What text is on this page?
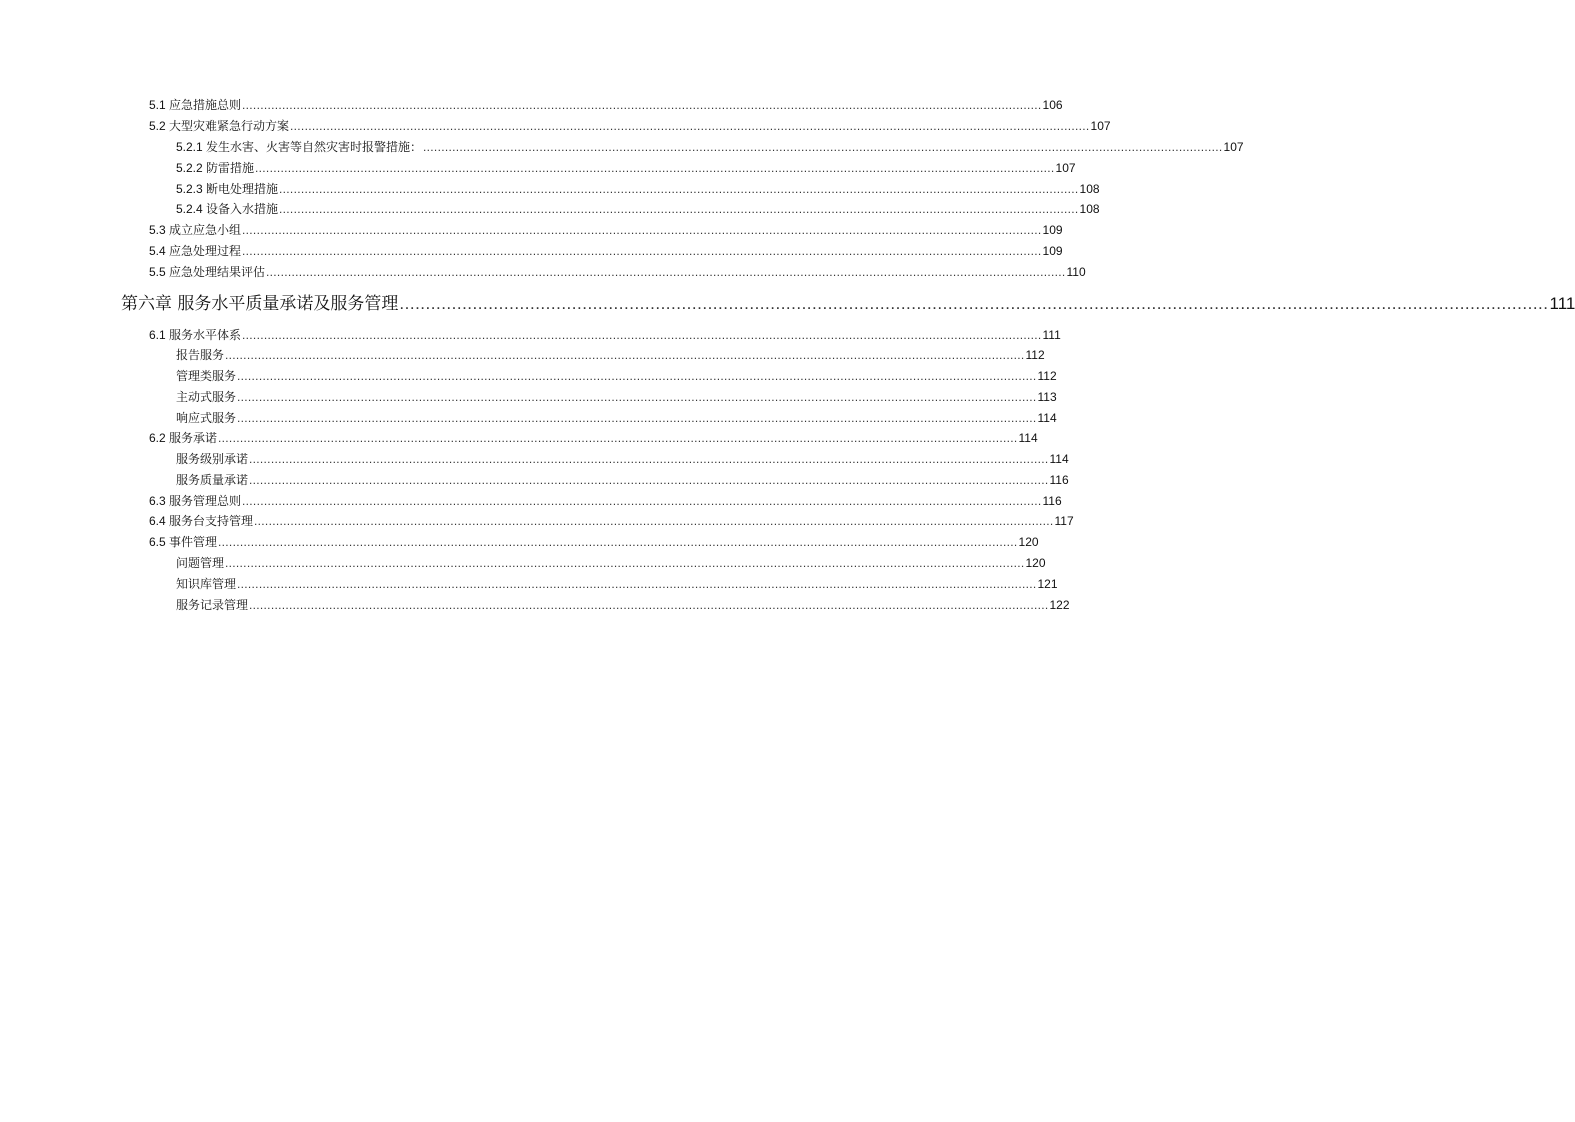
5.1 应急措施总则 ............................................................................................................................................................................................................................ 106
5.2 大型灾难紧急行动方案 ............................................................................................................................................................................................................................ 107
5.2.1 发生水害、火害等自然灾害时报警措施： ............................................................................................................................................................................................................................ 107
5.2.2 防雷措施 ............................................................................................................................................................................................................................ 107
5.2.3 断电处理措施 ............................................................................................................................................................................................................................ 108
5.2.4 设备入水措施 ............................................................................................................................................................................................................................ 108
5.3 成立应急小组 ............................................................................................................................................................................................................................ 109
5.4 应急处理过程 ............................................................................................................................................................................................................................ 109
5.5 应急处理结果评估 ............................................................................................................................................................................................................................ 110
第六章 服务水平质量承诺及服务管理 ............................................................................................................................................................................................................................ 111
6.1 服务水平体系 ............................................................................................................................................................................................................................ 111
报告服务 ............................................................................................................................................................................................................................ 112
管理类服务 ............................................................................................................................................................................................................................ 112
主动式服务 ............................................................................................................................................................................................................................ 113
响应式服务 ............................................................................................................................................................................................................................ 114
6.2 服务承诺 ............................................................................................................................................................................................................................ 114
服务级别承诺 ............................................................................................................................................................................................................................ 114
服务质量承诺 ............................................................................................................................................................................................................................ 116
6.3 服务管理总则 ............................................................................................................................................................................................................................ 116
6.4 服务台支持管理 ............................................................................................................................................................................................................................ 117
6.5 事件管理 ............................................................................................................................................................................................................................ 120
问题管理 ............................................................................................................................................................................................................................ 120
知识库管理 ............................................................................................................................................................................................................................ 121
服务记录管理 ............................................................................................................................................................................................................................ 122
